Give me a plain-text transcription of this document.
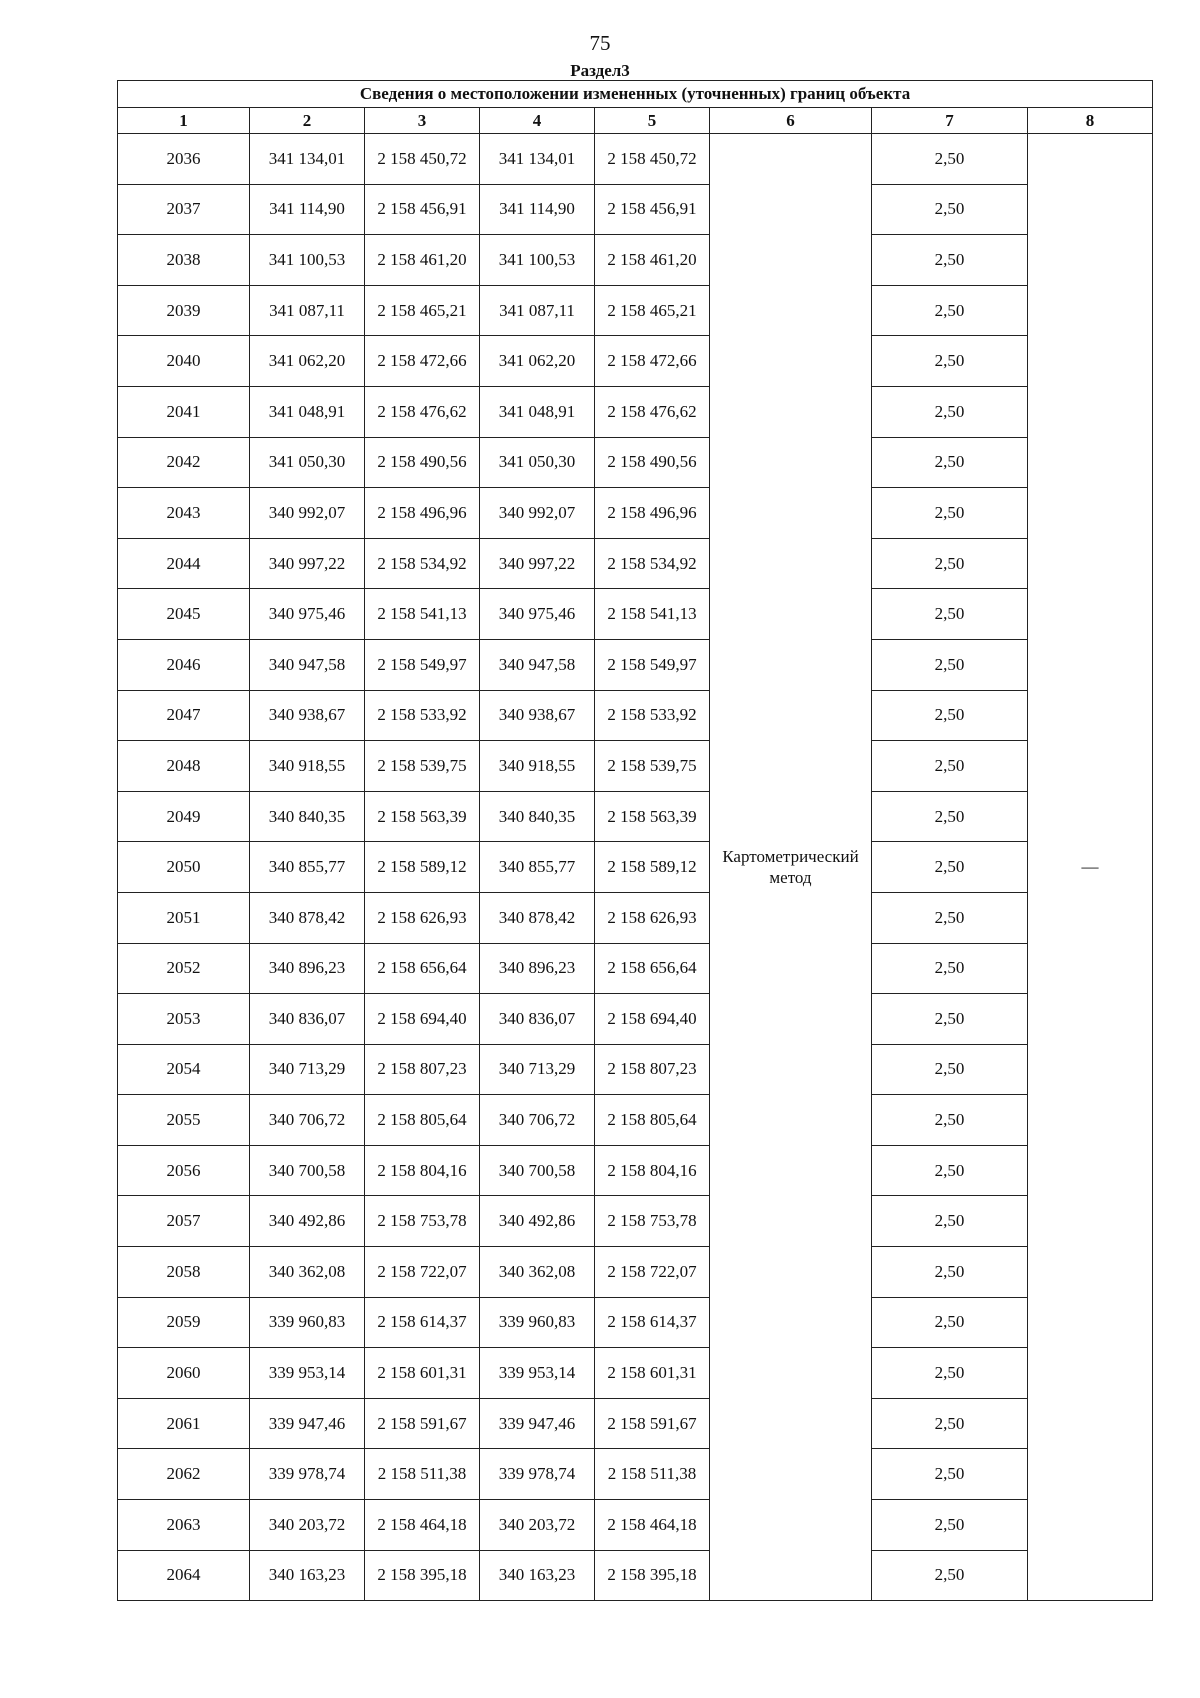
75
Раздел3
Сведения о местоположении измененных (уточненных) границ объекта							
1	2	3	4	5	6	7	8
2036	341 134,01	2 158 450,72	341 134,01	2 158 450,72	Картометрический метод	2,50	—
2037	341 114,90	2 158 456,91	341 114,90	2 158 456,91		2,50	
2038	341 100,53	2 158 461,20	341 100,53	2 158 461,20		2,50	
2039	341 087,11	2 158 465,21	341 087,11	2 158 465,21		2,50	
2040	341 062,20	2 158 472,66	341 062,20	2 158 472,66		2,50	
2041	341 048,91	2 158 476,62	341 048,91	2 158 476,62		2,50	
2042	341 050,30	2 158 490,56	341 050,30	2 158 490,56		2,50	
2043	340 992,07	2 158 496,96	340 992,07	2 158 496,96		2,50	
2044	340 997,22	2 158 534,92	340 997,22	2 158 534,92		2,50	
2045	340 975,46	2 158 541,13	340 975,46	2 158 541,13		2,50	
2046	340 947,58	2 158 549,97	340 947,58	2 158 549,97		2,50	
2047	340 938,67	2 158 533,92	340 938,67	2 158 533,92		2,50	
2048	340 918,55	2 158 539,75	340 918,55	2 158 539,75		2,50	
2049	340 840,35	2 158 563,39	340 840,35	2 158 563,39		2,50	
2050	340 855,77	2 158 589,12	340 855,77	2 158 589,12		2,50	
2051	340 878,42	2 158 626,93	340 878,42	2 158 626,93		2,50	
2052	340 896,23	2 158 656,64	340 896,23	2 158 656,64		2,50	
2053	340 836,07	2 158 694,40	340 836,07	2 158 694,40		2,50	
2054	340 713,29	2 158 807,23	340 713,29	2 158 807,23		2,50	
2055	340 706,72	2 158 805,64	340 706,72	2 158 805,64		2,50	
2056	340 700,58	2 158 804,16	340 700,58	2 158 804,16		2,50	
2057	340 492,86	2 158 753,78	340 492,86	2 158 753,78		2,50	
2058	340 362,08	2 158 722,07	340 362,08	2 158 722,07		2,50	
2059	339 960,83	2 158 614,37	339 960,83	2 158 614,37		2,50	
2060	339 953,14	2 158 601,31	339 953,14	2 158 601,31		2,50	
2061	339 947,46	2 158 591,67	339 947,46	2 158 591,67		2,50	
2062	339 978,74	2 158 511,38	339 978,74	2 158 511,38		2,50	
2063	340 203,72	2 158 464,18	340 203,72	2 158 464,18		2,50	
2064	340 163,23	2 158 395,18	340 163,23	2 158 395,18		2,50	
